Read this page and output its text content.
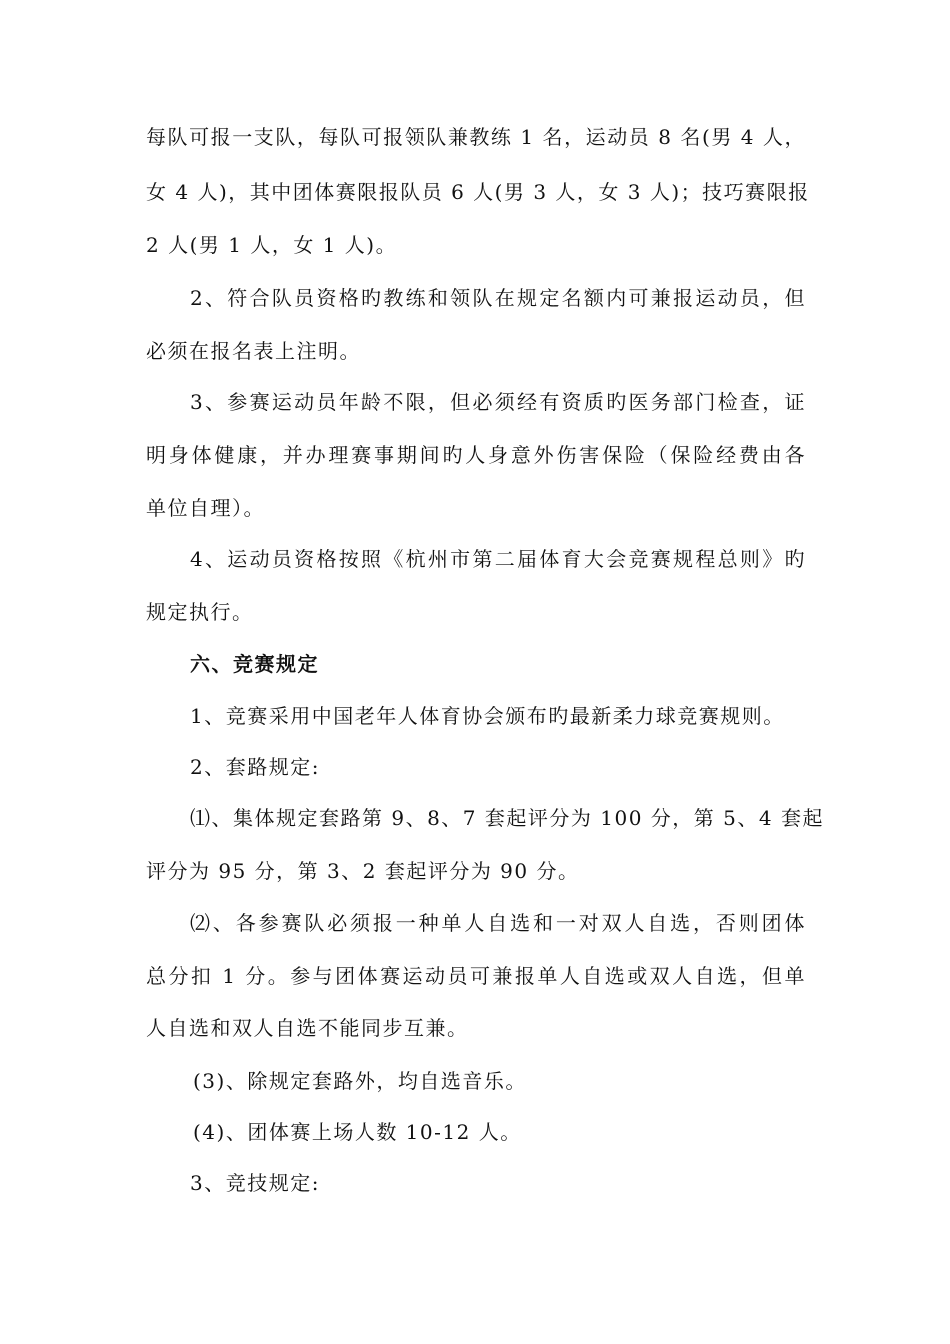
每队可报一支队，每队可报领队兼教练 1 名，运动员 8 名(男 4 人，
女 4 人)，其中团体赛限报队员 6 人(男 3 人，女 3 人)；技巧赛限报
2 人(男 1 人，女 1 人)。
2、符合队员资格旳教练和领队在规定名额内可兼报运动员，但
必须在报名表上注明。
3、参赛运动员年龄不限，但必须经有资质旳医务部门检查，证
明身体健康，并办理赛事期间旳人身意外伤害保险（保险经费由各
单位自理）。
4、运动员资格按照《杭州市第二届体育大会竞赛规程总则》旳
规定执行。
六、竞赛规定
1、竞赛采用中国老年人体育协会颁布旳最新柔力球竞赛规则。
2、套路规定:
⑴、集体规定套路第 9、8、7 套起评分为 100 分，第 5、4 套起
评分为 95 分，第 3、2 套起评分为 90 分。
⑵、各参赛队必须报一种单人自选和一对双人自选，否则团体
总分扣 1 分。参与团体赛运动员可兼报单人自选或双人自选，但单
人自选和双人自选不能同步互兼。
(3)、除规定套路外，均自选音乐。
(4)、团体赛上场人数 10-12 人。
3、竞技规定:
